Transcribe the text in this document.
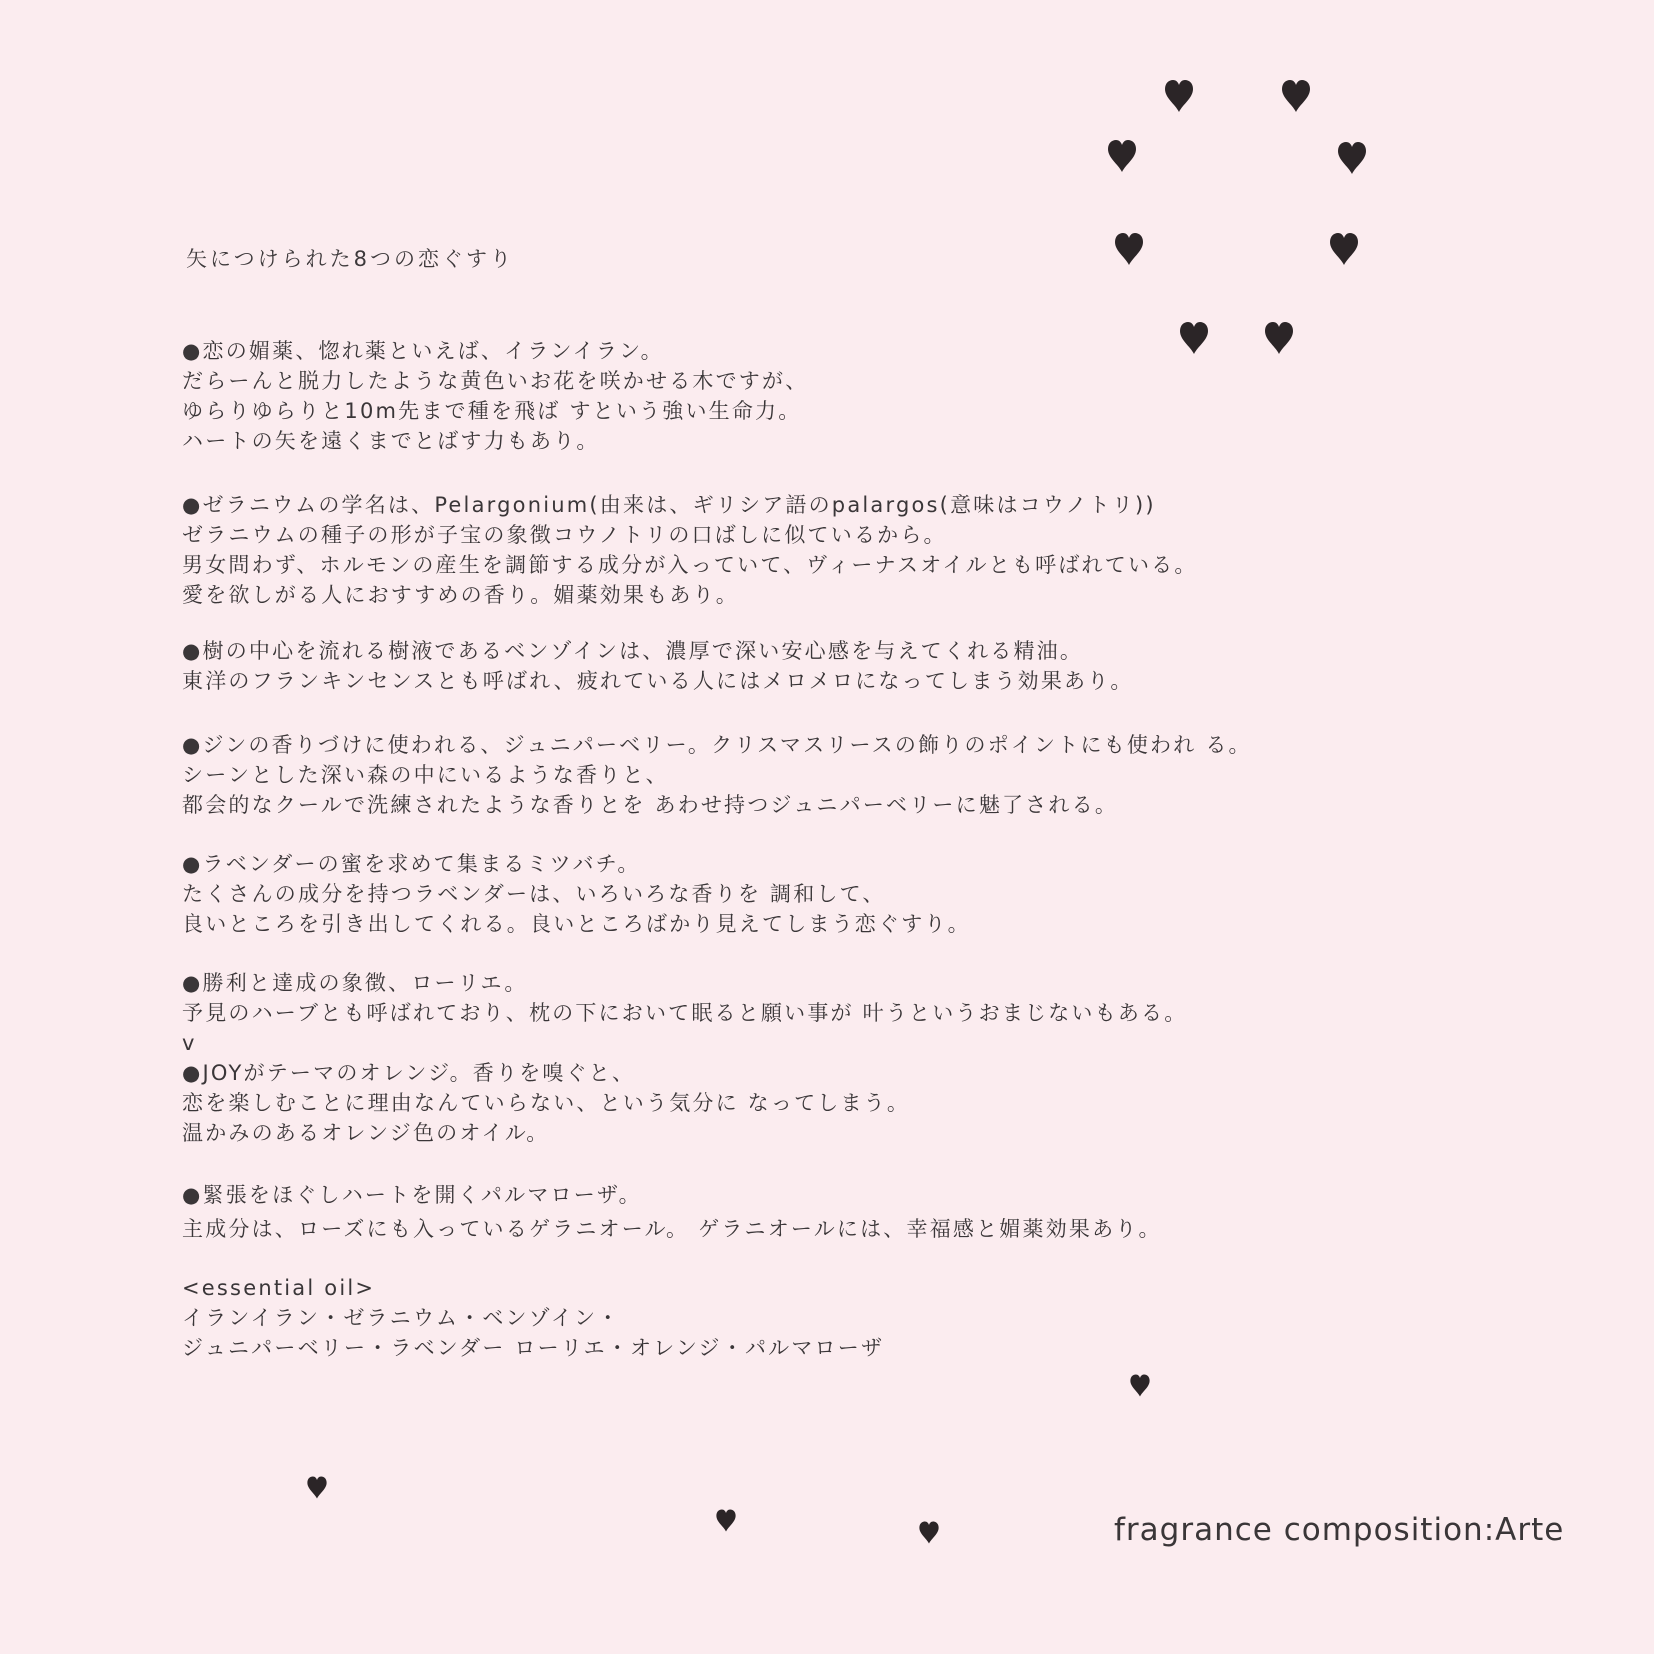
矢につけられた8つの恋ぐすり
●恋の媚薬、惚れ薬といえば、イランイラン。
だらーんと脱力したような黄色いお花を咲かせる木ですが、
ゆらりゆらりと10m先まで種を飛ば すという強い生命力。
ハートの矢を遠くまでとばす力もあり。
●ゼラニウムの学名は、Pelargonium(由来は、ギリシア語のpalargos(意味はコウノトリ))
ゼラニウムの種子の形が子宝の象徴コウノトリの口ばしに似ているから。
男女問わず、ホルモンの産生を調節する成分が入っていて、ヴィーナスオイルとも呼ばれている。
愛を欲しがる人におすすめの香り。媚薬効果もあり。
●樹の中心を流れる樹液であるベンゾインは、濃厚で深い安心感を与えてくれる精油。
東洋のフランキンセンスとも呼ばれ、疲れている人にはメロメロになってしまう効果あり。
●ジンの香りづけに使われる、ジュニパーベリー。クリスマスリースの飾りのポイントにも使われ る。
シーンとした深い森の中にいるような香りと、
都会的なクールで洗練されたような香りとを あわせ持つジュニパーベリーに魅了される。
●ラベンダーの蜜を求めて集まるミツバチ。
たくさんの成分を持つラベンダーは、いろいろな香りを 調和して、
良いところを引き出してくれる。良いところばかり見えてしまう恋ぐすり。
●勝利と達成の象徴、ローリエ。
予見のハーブとも呼ばれており、枕の下において眠ると願い事が 叶うというおまじないもある。
v
●JOYがテーマのオレンジ。香りを嗅ぐと、
恋を楽しむことに理由なんていらない、という気分に なってしまう。
温かみのあるオレンジ色のオイル。
●緊張をほぐしハートを開くパルマローザ。
主成分は、ローズにも入っているゲラニオール。 ゲラニオールには、幸福感と媚薬効果あり。
<essential oil>
イランイラン・ゼラニウム・ベンゾイン・
ジュニパーベリー・ラベンダー ローリエ・オレンジ・パルマローザ
fragrance composition:Arte
